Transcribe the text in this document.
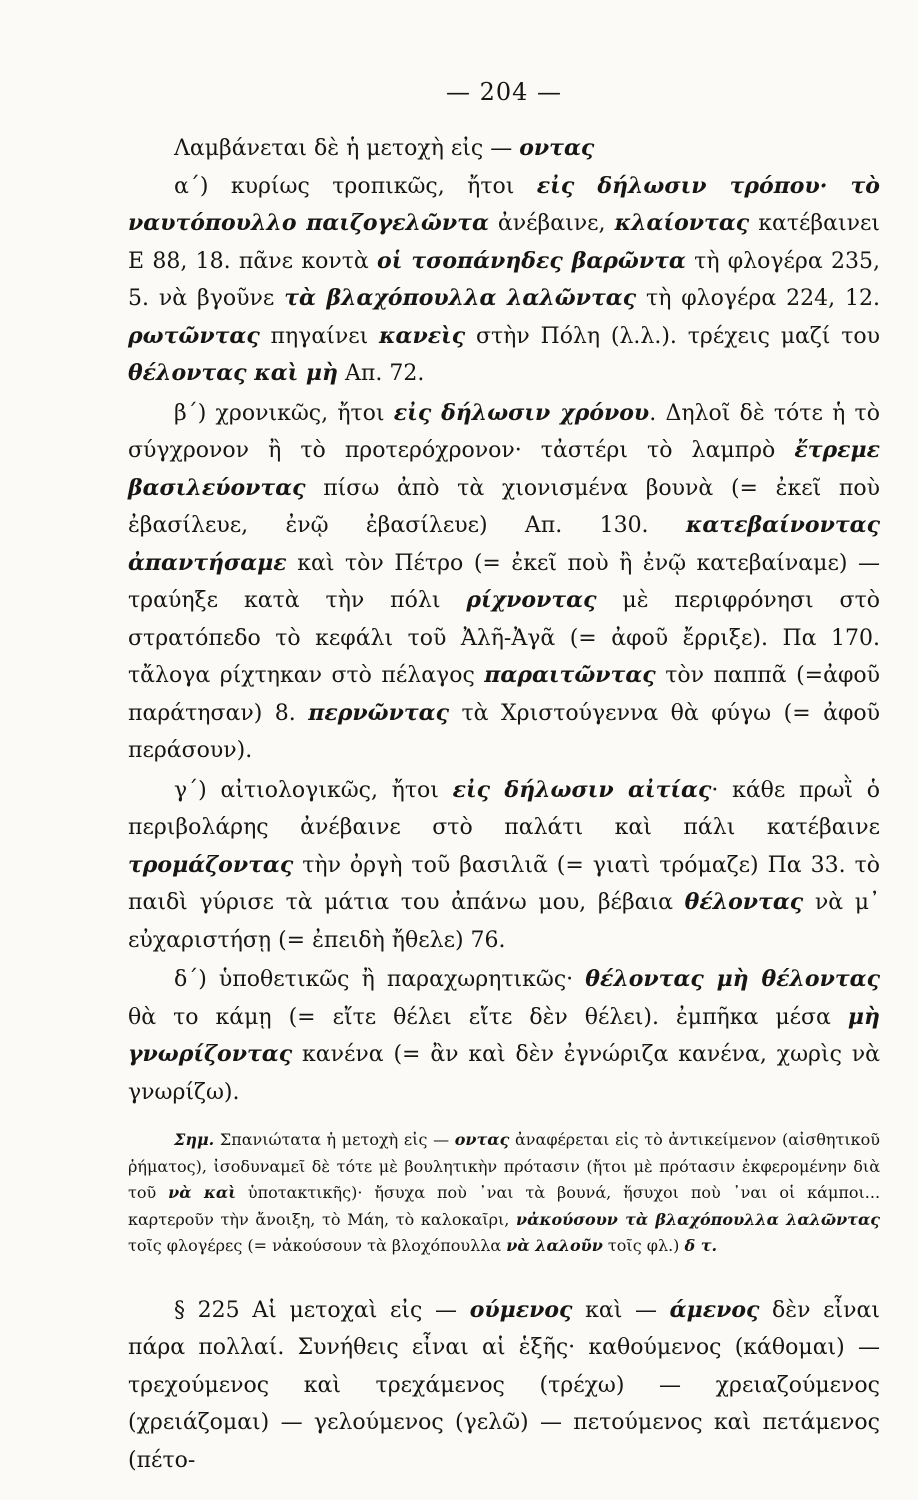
— 204 —

Λαμβάνεται δὲ ἡ μετοχὴ εἰς — οντας

α΄) κυρίως τροπικῶς, ἤτοι εἰς δήλωσιν τρόπου· τὸ ναυτόπουλλο παιζογελῶντα ἀνέβαινε, κλαίοντας κατέβαινει Ε 88, 18. πᾶνε κοντὰ οἱ τσοπάνηδες βαρῶντα τὴ φλογέρα 235, 5. νὰ βγοῦνε τὰ βλαχόπουλλα λαλῶντας τὴ φλογέρα 224, 12. ρωτῶντας πηγαίνει κανεὶς στὴν Πόλη (λ.λ.). τρέχεις μαζί του θέλοντας καὶ μὴ Απ. 72.

β΄) χρονικῶς, ἤτοι εἰς δήλωσιν χρόνου. Δηλοῖ δὲ τότε ἡ τὸ σύγχρονον ἢ τὸ προτερόχρονον· τἀστέρι τὸ λαμπρὸ ἔτρεμε βασιλεύοντας πίσω ἀπὸ τὰ χιονισμένα βουνὰ (= ἐκεῖ ποὺ ἐβασίλευε, ἐνῷ ἐβασίλευε) Απ. 130. κατεβαίνοντας ἀπαντήσαμε καὶ τὸν Πέτρο (= ἐκεῖ ποὺ ἢ ἐνῷ κατεβαίναμε) — τραύηξε κατὰ τὴν πόλι ρίχνοντας μὲ περιφρόνησι στὸ στρατόπεδο τὸ κεφάλι τοῦ Ἀλῆ-Ἀγᾶ (= ἀφοῦ ἔρριξε). Πα 170. τἄλογα ρίχτηκαν στὸ πέλαγος παραιτῶντας τὸν παππᾶ (=ἀφοῦ παράτησαν) 8. περνῶντας τὰ Χριστούγεννα θὰ φύγω (= ἀφοῦ περάσουν).

γ΄) αἰτιολογικῶς, ἤτοι εἰς δήλωσιν αἰτίας· κάθε πρωῒ ὁ περιβολάρης ἀνέβαινε στὸ παλάτι καὶ πάλι κατέβαινε τρομάζοντας τὴν ὀργὴ τοῦ βασιλιᾶ (= γιατὶ τρόμαζε) Πα 33. τὸ παιδὶ γύρισε τὰ μάτια του ἀπάνω μου, βέβαια θέλοντας νὰ μ᾽ εὐχαριστήσῃ (= ἐπειδὴ ἤθελε) 76.

δ΄) ὑποθετικῶς ἢ παραχωρητικῶς· θέλοντας μὴ θέλοντας θὰ το κάμῃ (= εἴτε θέλει εἴτε δὲν θέλει). ἐμπῆκα μέσα μὴ γνωρίζοντας κανένα (= ἂν καὶ δὲν ἐγνώριζα κανένα, χωρὶς νὰ γνωρίζω).

Σημ. Σπανιώτατα ἡ μετοχὴ εἰς — οντας ἀναφέρεται εἰς τὸ ἀντικείμενον (αἰσθητικοῦ ῥήματος), ἰσοδυναμεῖ δὲ τότε μὲ βουλητικὴν πρότασιν (ἤτοι μὲ πρότασιν ἐκφερομένην διὰ τοῦ νὰ καὶ ὑποτακτικῆς)· ἤσυχα ποὺ ᾽ναι τὰ βουνά, ἥσυχοι ποὺ ᾽ναι οἱ κάμποι... καρτεροῦν τὴν ἄνοιξη, τὸ Μάη, τὸ καλοκαῖρι, νἀκούσουν τὰ βλαχόπουλλα λαλῶντας τοῖς φλογέρες (= νἀκούσουν τὰ βλοχόπουλλα νὰ λαλοῦν τοῖς φλ.) δ τ.

§ 225 Αἱ μετοχαὶ εἰς — ούμενος καὶ — άμενος δὲν εἶναι πάρα πολλαί. Συνήθεις εἶναι αἱ ἑξῆς· καθούμενος (κάθομαι) — τρεχούμενος καὶ τρεχάμενος (τρέχω) — χρειαζούμενος (χρειάζομαι) — γελούμενος (γελῶ) — πετούμενος καὶ πετάμενος (πέτο-
